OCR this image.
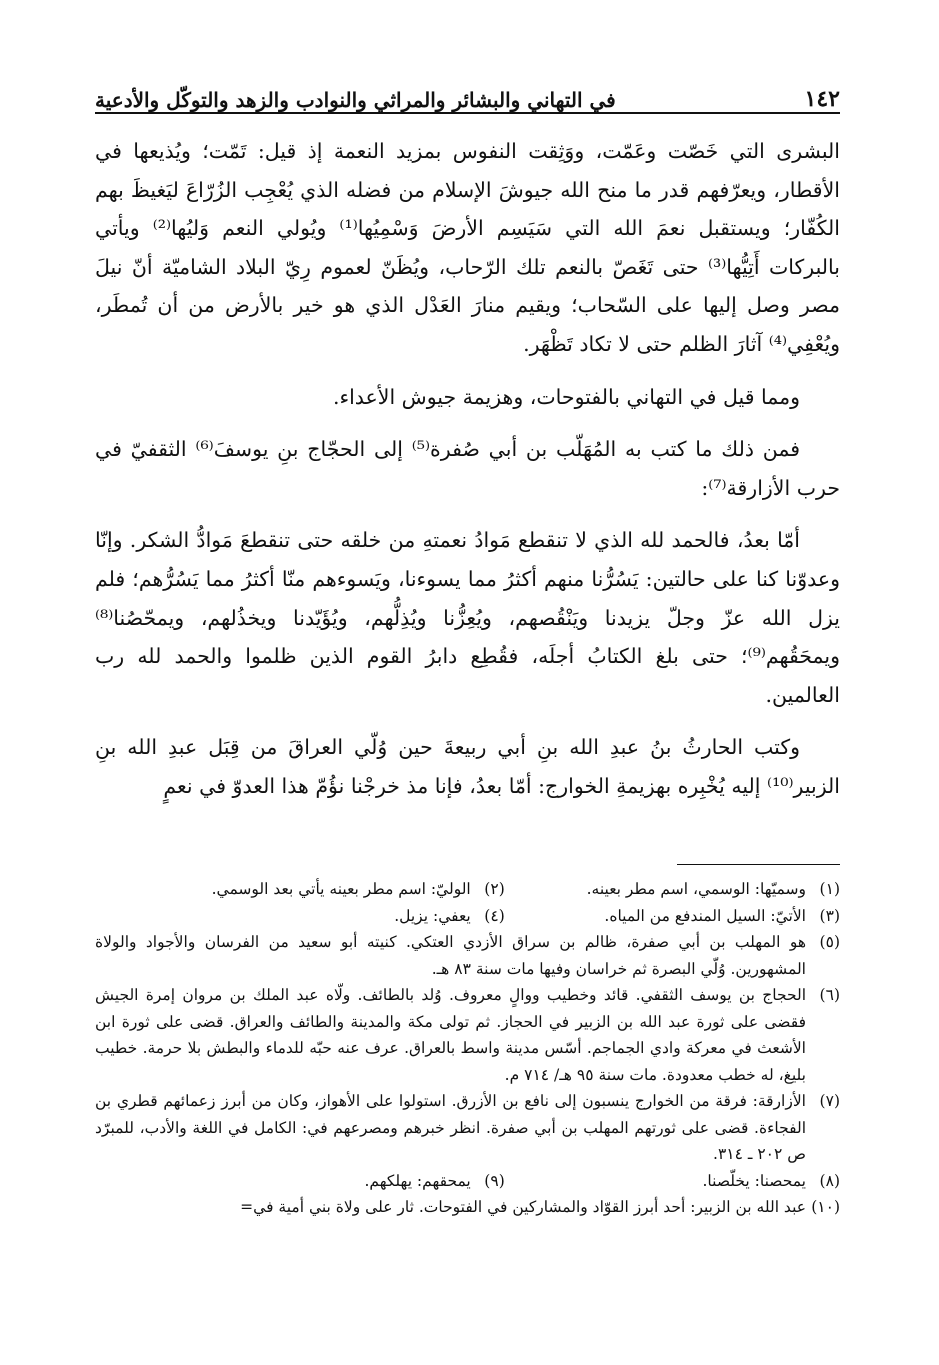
١٤٢
في التهاني والبشائر والمراثي والنوادب والزهد والتوكّل والأدعية

البشرى التي خَصّت وعَمّت، ووَثِقت النفوس بمزيد النعمة إذ قيل: تَمّت؛ ويُذيعها في الأقطار، ويعرّفهم قدر ما منح الله جيوشَ الإسلام من فضله الذي يُعْجِب الزُرّاعَ ليَغيظَ بهم الكُفّار؛ ويستقبل نعمَ الله التي سَيَسِم الأرضَ وَسْمِيُها⁽¹⁾ ويُولي النعم وَليُها⁽²⁾ ويأتي بالبركات أَتِيُّها⁽³⁾ حتى تَغَصّ بالنعم تلك الرّحاب، ويُظَنّ لعموم رِيّ البلاد الشاميّة أنّ نيلَ مصر وصل إليها على السّحاب؛ ويقيم منارَ العَدْل الذي هو خير بالأرض من أن تُمطَر، ويُعْفِي⁽⁴⁾ آثارَ الظلم حتى لا تكاد تَظْهَر.

ومما قيل في التهاني بالفتوحات، وهزيمة جيوش الأعداء.

فمن ذلك ما كتب به المُهَلّب بن أبي صُفرة⁽⁵⁾ إلى الحجّاج بنِ يوسفَ⁽⁶⁾ الثقفيّ في حرب الأزارقة⁽⁷⁾:

أمّا بعدُ، فالحمد لله الذي لا تنقطع مَوادُ نعمتهِ من خلقه حتى تنقطعَ مَوادُّ الشكر. وإنّا وعدوّنا كنا على حالتين: يَسُرُّنا منهم أكثرُ مما يسوءنا، ويَسوءهم منّا أكثرُ مما يَسُرُّهم؛ فلم يزل الله عزّ وجلّ يزيدنا ويَنْقُصهم، ويُعِزُّنا ويُذِلُّهم، ويُؤَيّدنا ويخذُلهم، ويمحّصُنا⁽⁸⁾ ويمحَقُهم⁽⁹⁾؛ حتى بلغ الكتابُ أجلَه، فقُطِع دابرُ القوم الذين ظلموا والحمد لله رب العالمين.

وكتب الحارثُ بنُ عبدِ الله بنِ أبي ربيعةَ حين وُلّي العراقَ من قِبَل عبدِ الله بنِ الزبير⁽¹⁰⁾ إليه يُخْبِره بهزيمةِ الخوارج: أمّا بعدُ، فإنا مذ خرجْنا نؤُمّ هذا العدوّ في نعمٍ

(١)
وسميّها: الوسمي، اسم مطر بعينه.
(٢)
الوليّ: اسم مطر بعينه يأتي بعد الوسمي.
(٣)
الأتيّ: السيل المندفع من المياه.
(٤)
يعفي: يزيل.
(٥)
هو المهلب بن أبي صفرة، ظالم بن سراق الأزدي العتكي. كنيته أبو سعيد من الفرسان والأجواد والولاة المشهورين. وُلّي البصرة ثم خراسان وفيها مات سنة ٨٣ هـ.
(٦)
الحجاج بن يوسف الثقفي. قائد وخطيب ووالٍ معروف. وُلد بالطائف. ولّاه عبد الملك بن مروان إمرة الجيش فقضى على ثورة عبد الله بن الزبير في الحجاز. ثم تولى مكة والمدينة والطائف والعراق. قضى على ثورة ابن الأشعث في معركة وادي الجماجم. أسّس مدينة واسط بالعراق. عرف عنه حبّه للدماء والبطش بلا حرمة. خطيب بليغ، له خطب معدودة. مات سنة ٩٥ هـ/ ٧١٤ م.
(٧)
الأزارقة: فرقة من الخوارج ينسبون إلى نافع بن الأزرق. استولوا على الأهواز، وكان من أبرز زعمائهم قطري بن الفجاءة. قضى على ثورتهم المهلب بن أبي صفرة. انظر خبرهم ومصرعهم في: الكامل في اللغة والأدب، للمبرّد ص ٢٠٢ ـ ٣١٤.
(٨)
يمحصنا: يخلّصنا.
(٩)
يمحقهم: يهلكهم.
(١٠)
عبد الله بن الزبير: أحد أبرز القوّاد والمشاركين في الفتوحات. ثار على ولاة بني أمية في=
